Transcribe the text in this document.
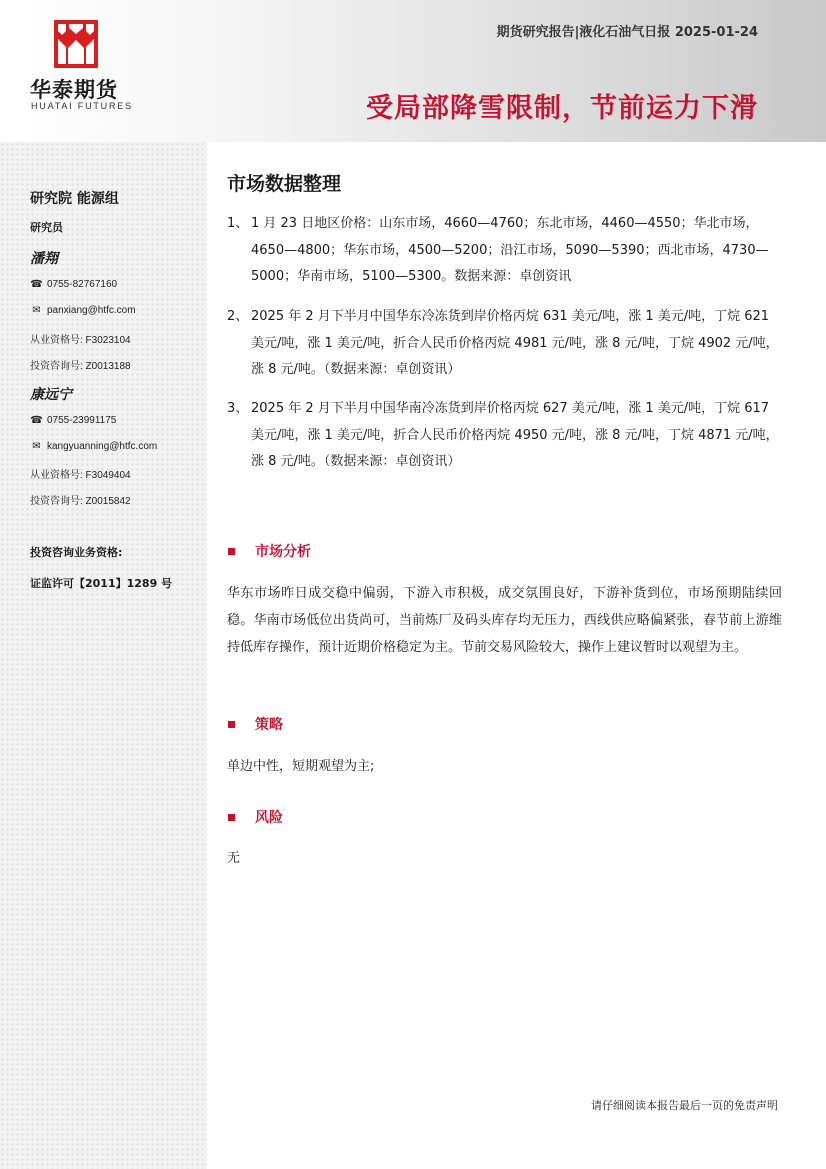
华泰期货
HUATAI FUTURES
期货研究报告|液化石油气日报 2025-01-24
受局部降雪限制，节前运力下滑
研究院 能源组
研究员
潘翔
☎ 0755-82767160
✉ panxiang@htfc.com
从业资格号: F3023104
投资咨询号: Z0013188
康远宁
☎ 0755-23991175
✉ kangyuanning@htfc.com
从业资格号: F3049404
投资咨询号: Z0015842
投资咨询业务资格:
证监许可【2011】1289 号
市场数据整理
1、 1 月 23 日地区价格：山东市场，4660—4760；东北市场，4460—4550；华北市场，4650—4800；华东市场，4500—5200；沿江市场，5090—5390；西北市场，4730—5000；华南市场，5100—5300。数据来源：卓创资讯
2、 2025 年 2 月下半月中国华东冷冻货到岸价格丙烷 631 美元/吨，涨 1 美元/吨，丁烷 621 美元/吨，涨 1 美元/吨，折合人民币价格丙烷 4981 元/吨，涨 8 元/吨，丁烷 4902 元/吨，涨 8 元/吨。（数据来源：卓创资讯）
3、 2025 年 2 月下半月中国华南冷冻货到岸价格丙烷 627 美元/吨，涨 1 美元/吨，丁烷 617 美元/吨，涨 1 美元/吨，折合人民币价格丙烷 4950 元/吨，涨 8 元/吨，丁烷 4871 元/吨，涨 8 元/吨。（数据来源：卓创资讯）
市场分析
华东市场昨日成交稳中偏弱，下游入市积极，成交氛围良好，下游补货到位，市场预期陆续回稳。华南市场低位出货尚可，当前炼厂及码头库存均无压力，西线供应略偏紧张，春节前上游维持低库存操作，预计近期价格稳定为主。节前交易风险较大，操作上建议暂时以观望为主。
策略
单边中性，短期观望为主;
风险
无
请仔细阅读本报告最后一页的免责声明
